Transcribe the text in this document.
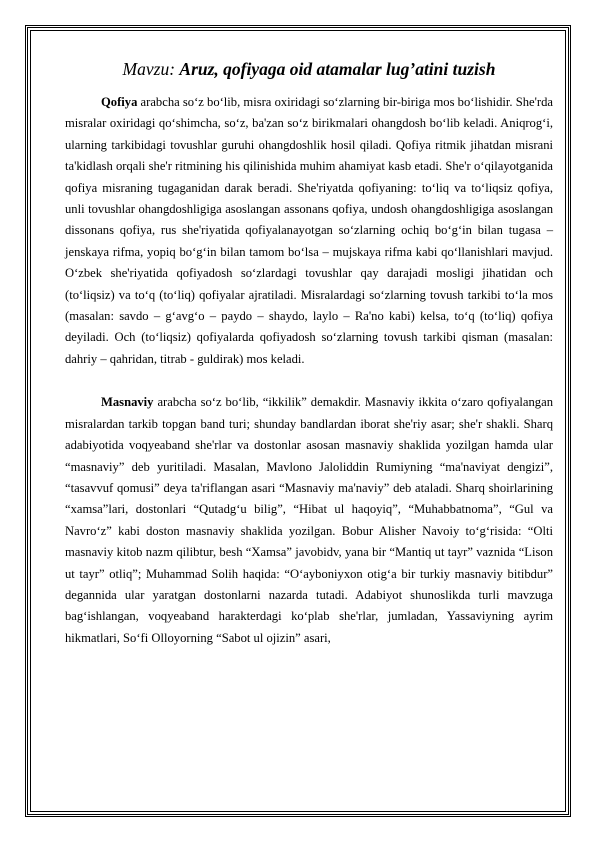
Mavzu: Aruz, qofiyaga oid atamalar lug’atini tuzish

Qofiya arabcha so‘z bo‘lib, misra oxiridagi so‘zlarning bir-biriga mos bo‘lishidir. She'rda misralar oxiridagi qo‘shimcha, so‘z, ba'zan so‘z birikmalari ohangdosh bo‘lib keladi. Aniqrog‘i, ularning tarkibidagi tovushlar guruhi ohangdoshlik hosil qiladi. Qofiya ritmik jihatdan misrani ta'kidlash orqali she'r ritmining his qilinishida muhim ahamiyat kasb etadi. She'r o‘qilayotganida qofiya misraning tugaganidan darak beradi. She'riyatda qofiyaning: to‘liq va to‘liqsiz qofiya, unli tovushlar ohangdoshligiga asoslangan assonans qofiya, undosh ohangdoshligiga asoslangan dissonans qofiya, rus she'riyatida qofiyalanayotgan so‘zlarning ochiq bo‘g‘in bilan tugasa – jenskaya rifma, yopiq bo‘g‘in bilan tamom bo‘lsa – mujskaya rifma kabi qo‘llanishlari mavjud. O‘zbek she'riyatida qofiyadosh so‘zlardagi tovushlar qay darajadi mosligi jihatidan och (to‘liqsiz) va to‘q (to‘liq) qofiyalar ajratiladi. Misralardagi so‘zlarning tovush tarkibi to‘la mos (masalan: savdo – g‘avg‘o – paydo – shaydo, laylo – Ra'no kabi) kelsa, to‘q (to‘liq) qofiya deyiladi. Och (to‘liqsiz) qofiyalarda qofiyadosh so‘zlarning tovush tarkibi qisman (masalan: dahriy – qahridan, titrab - guldirak) mos keladi.

Masnaviy arabcha so‘z bo‘lib, “ikkilik” demakdir. Masnaviy ikkita o‘zaro qofiyalangan misralardan tarkib topgan band turi; shunday bandlardan iborat she'riy asar; she'r shakli. Sharq adabiyotida voqyeaband she'rlar va dostonlar asosan masnaviy shaklida yozilgan hamda ular “masnaviy” deb yuritiladi. Masalan, Mavlono Jaloliddin Rumiyning “ma'naviyat dengizi”, “tasavvuf qomusi” deya ta'riflangan asari “Masnaviy ma'naviy” deb ataladi. Sharq shoirlarining “xamsa”lari, dostonlari “Qutadg‘u bilig”, “Hibat ul haqoyiq”, “Muhabbatnoma”, “Gul va Navro‘z” kabi doston masnaviy shaklida yozilgan. Bobur Alisher Navoiy to‘g‘risida: “Olti masnaviy kitob nazm qilibtur, besh “Xamsa” javobidv, yana bir “Mantiq ut tayr” vaznida “Lison ut tayr” otliq”; Muhammad Solih haqida: “O‘ayboniyxon otig‘a bir turkiy masnaviy bitibdur” degannida ular yaratgan dostonlarni nazarda tutadi. Adabiyot shunoslikda turli mavzuga bag‘ishlangan, voqyeaband harakterdagi ko‘plab she'rlar, jumladan, Yassaviyning ayrim hikmatlari, So‘fi Olloyorning “Sabot ul ojizin” asari,
